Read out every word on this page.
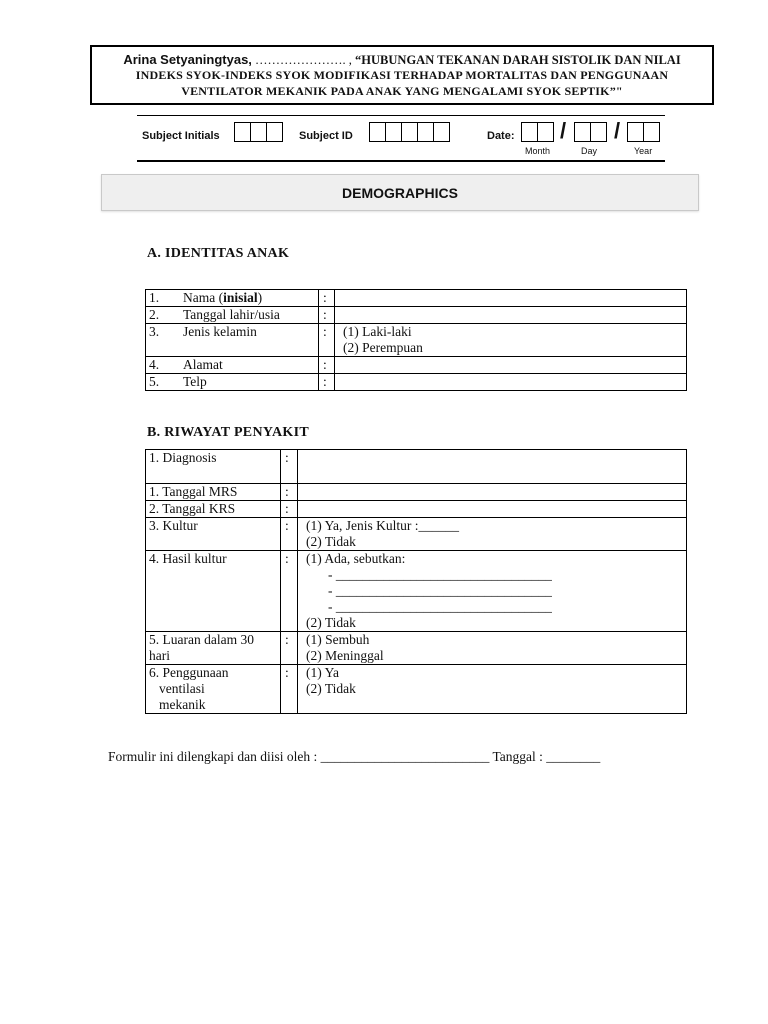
Arina Setyaningtyas, …………………. , “HUBUNGAN TEKANAN DARAH SISTOLIK DAN NILAI
INDEKS SYOK-INDEKS SYOK MODIFIKASI TERHADAP MORTALITAS DAN PENGGUNAAN
VENTILATOR MEKANIK PADA ANAK YANG MENGALAMI SYOK SEPTIK”"
Subject Initials	Subject ID	Date: / /
Month	Day	Year
DEMOGRAPHICS
A. IDENTITAS ANAK
1.	Nama (inisial)	:	
2.	Tanggal lahir/usia	:	
3.	Jenis kelamin	:	(1) Laki-laki
(2) Perempuan

4.	Alamat	:	
5.	Telp	:	
B. RIWAYAT PENYAKIT
1. Diagnosis	:	
1. Tanggal MRS	:	
2. Tanggal KRS	:	
3. Kultur	:	(1) Ya, Jenis Kultur :______
(2) Tidak

4. Hasil kultur	:	(1) Ada, sebutkan:
- ________________________________
- ________________________________
- ________________________________
(2) Tidak

5. Luaran dalam 30
hari	:	(1) Sembuh
(2) Meninggal

6. Penggunaan
ventilasi
mekanik	:	(1) Ya
(2) Tidak
Formulir ini dilengkapi dan diisi oleh : _________________________ Tanggal : ________
